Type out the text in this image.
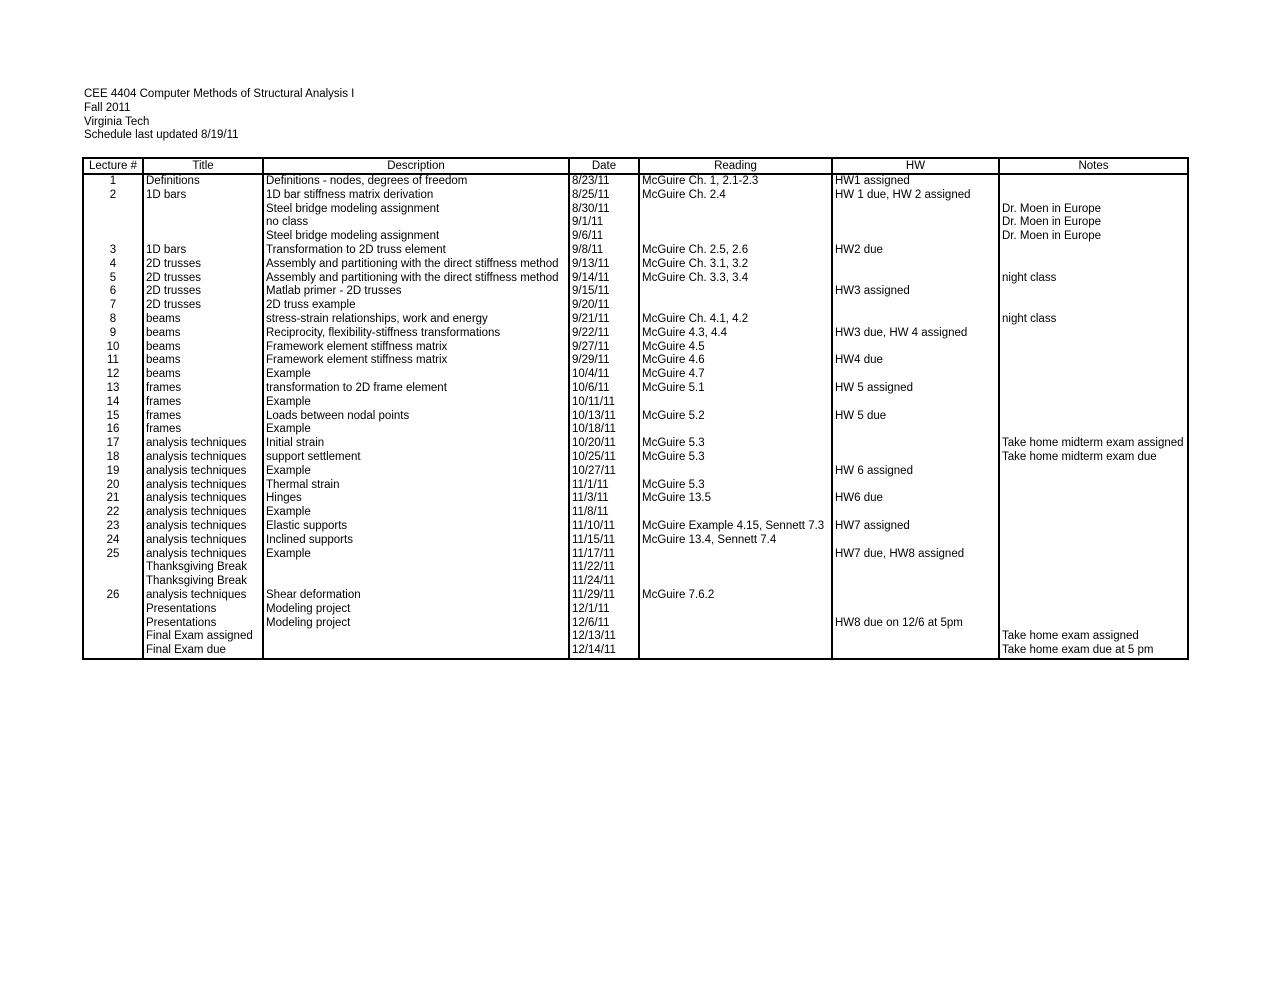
CEE 4404 Computer Methods of Structural Analysis I
Fall 2011
Virginia Tech
Schedule last updated 8/19/11
Lecture #	Title	Description	Date	Reading	HW	Notes
1	Definitions	Definitions - nodes, degrees of freedom	8/23/11	McGuire Ch. 1, 2.1-2.3	HW1 assigned	
2	1D bars	1D bar stiffness matrix derivation	8/25/11	McGuire Ch. 2.4	HW 1 due, HW 2 assigned	
		Steel bridge modeling assignment	8/30/11			Dr. Moen in Europe
		no class	9/1/11			Dr. Moen in Europe
		Steel bridge modeling assignment	9/6/11			Dr. Moen in Europe
3	1D bars	Transformation to 2D truss element	9/8/11	McGuire Ch. 2.5, 2.6	HW2 due	
4	2D trusses	Assembly and partitioning with the direct stiffness method	9/13/11	McGuire Ch. 3.1, 3.2		
5	2D trusses	Assembly and partitioning with the direct stiffness method	9/14/11	McGuire Ch. 3.3, 3.4		night class
6	2D trusses	Matlab primer - 2D trusses	9/15/11		HW3 assigned	
7	2D trusses	2D truss example	9/20/11			
8	beams	stress-strain relationships, work and energy	9/21/11	McGuire Ch. 4.1, 4.2		night class
9	beams	Reciprocity, flexibility-stiffness transformations	9/22/11	McGuire 4.3, 4.4	HW3 due, HW 4 assigned	
10	beams	Framework element stiffness matrix	9/27/11	McGuire 4.5		
11	beams	Framework element stiffness matrix	9/29/11	McGuire 4.6	HW4 due	
12	beams	Example	10/4/11	McGuire 4.7		
13	frames	transformation to 2D frame element	10/6/11	McGuire 5.1	HW 5 assigned	
14	frames	Example	10/11/11			
15	frames	Loads between nodal points	10/13/11	McGuire 5.2	HW 5 due	
16	frames	Example	10/18/11			
17	analysis techniques	Initial strain	10/20/11	McGuire 5.3		Take home midterm exam assigned
18	analysis techniques	support settlement	10/25/11	McGuire 5.3		Take home midterm exam due
19	analysis techniques	Example	10/27/11		HW 6 assigned	
20	analysis techniques	Thermal strain	11/1/11	McGuire 5.3		
21	analysis techniques	Hinges	11/3/11	McGuire 13.5	HW6 due	
22	analysis techniques	Example	11/8/11			
23	analysis techniques	Elastic supports	11/10/11	McGuire Example 4.15, Sennett 7.3	HW7 assigned	
24	analysis techniques	Inclined supports	11/15/11	McGuire 13.4, Sennett 7.4		
25	analysis techniques	Example	11/17/11		HW7 due, HW8 assigned	
	Thanksgiving Break		11/22/11			
	Thanksgiving Break		11/24/11			
26	analysis techniques	Shear deformation	11/29/11	McGuire 7.6.2		
	Presentations	Modeling project	12/1/11			
	Presentations	Modeling project	12/6/11		HW8 due on 12/6 at 5pm	
	Final Exam assigned		12/13/11			Take home exam assigned
	Final Exam due		12/14/11			Take home exam due at 5 pm
